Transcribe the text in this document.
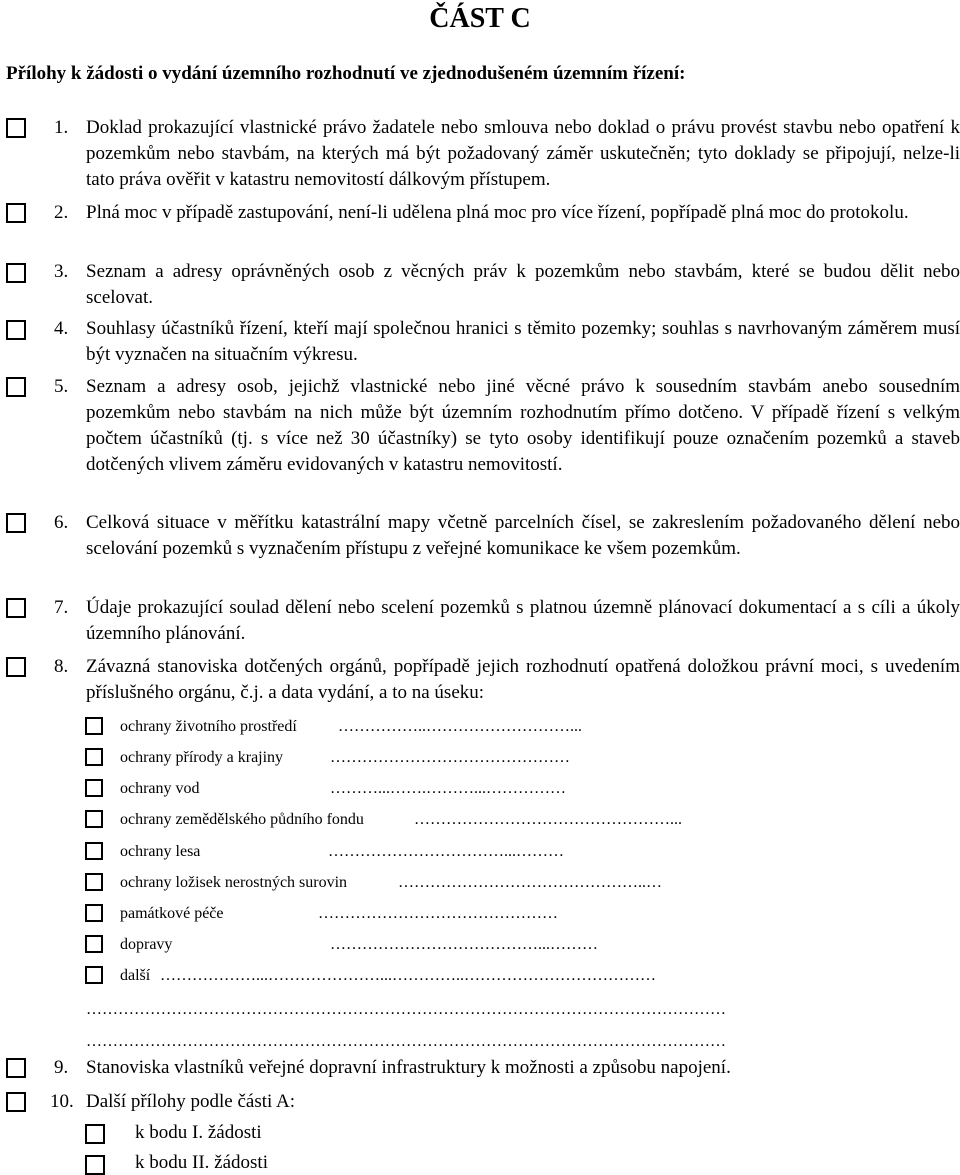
ČÁST C
Přílohy k žádosti o vydání územního rozhodnutí ve zjednodušeném územním řízení:
1. Doklad prokazující vlastnické právo žadatele nebo smlouva nebo doklad o právu provést stavbu nebo opatření k pozemkům nebo stavbám, na kterých má být požadovaný záměr uskutečněn; tyto doklady se připojují, nelze-li tato práva ověřit v katastru nemovitostí dálkovým přístupem.
2. Plná moc v případě zastupování, není-li udělena plná moc pro více řízení, popřípadě plná moc do protokolu.
3. Seznam a adresy oprávněných osob z věcných práv k pozemkům nebo stavbám, které se budou dělit nebo scelovat.
4. Souhlasy účastníků řízení, kteří mají společnou hranici s těmito pozemky; souhlas s navrhovaným záměrem musí být vyznačen na situačním výkresu.
5. Seznam a adresy osob, jejichž vlastnické nebo jiné věcné právo k sousedním stavbám anebo sousedním pozemkům nebo stavbám na nich může být územním rozhodnutím přímo dotčeno. V případě řízení s velkým počtem účastníků (tj. s více než 30 účastníky) se tyto osoby identifikují pouze označením pozemků a staveb dotčených vlivem záměru evidovaných v katastru nemovitostí.
6. Celková situace v měřítku katastrální mapy včetně parcelních čísel, se zakreslením požadovaného dělení nebo scelování pozemků s vyznačením přístupu z veřejné komunikace ke všem pozemkům.
7. Údaje prokazující soulad dělení nebo scelení pozemků s platnou územně plánovací dokumentací a s cíli a úkoly územního plánování.
8. Závazná stanoviska dotčených orgánů, popřípadě jejich rozhodnutí opatřená doložkou právní moci, s uvedením příslušného orgánu, č.j. a data vydání, a to na úseku:
ochrany životního prostředí	……………..………………………...
ochrany přírody a krajiny	………………………………………
ochrany vod	………...…….………...……………
ochrany zemědělského půdního fondu	…………………………………………...
ochrany lesa	……………………………...………
ochrany ložisek nerostných surovin	………………………………………..…
památkové péče	………………………………………
dopravy	…………………………………...………
další ………………...…………………...…………..………………………………
…………………………………………………………………………………………………………
…………………………………………………………………………………………………………
9. Stanoviska vlastníků veřejné dopravní infrastruktury k možnosti a způsobu napojení.
10. Další přílohy podle části A:
k bodu I. žádosti
k bodu II. žádosti
